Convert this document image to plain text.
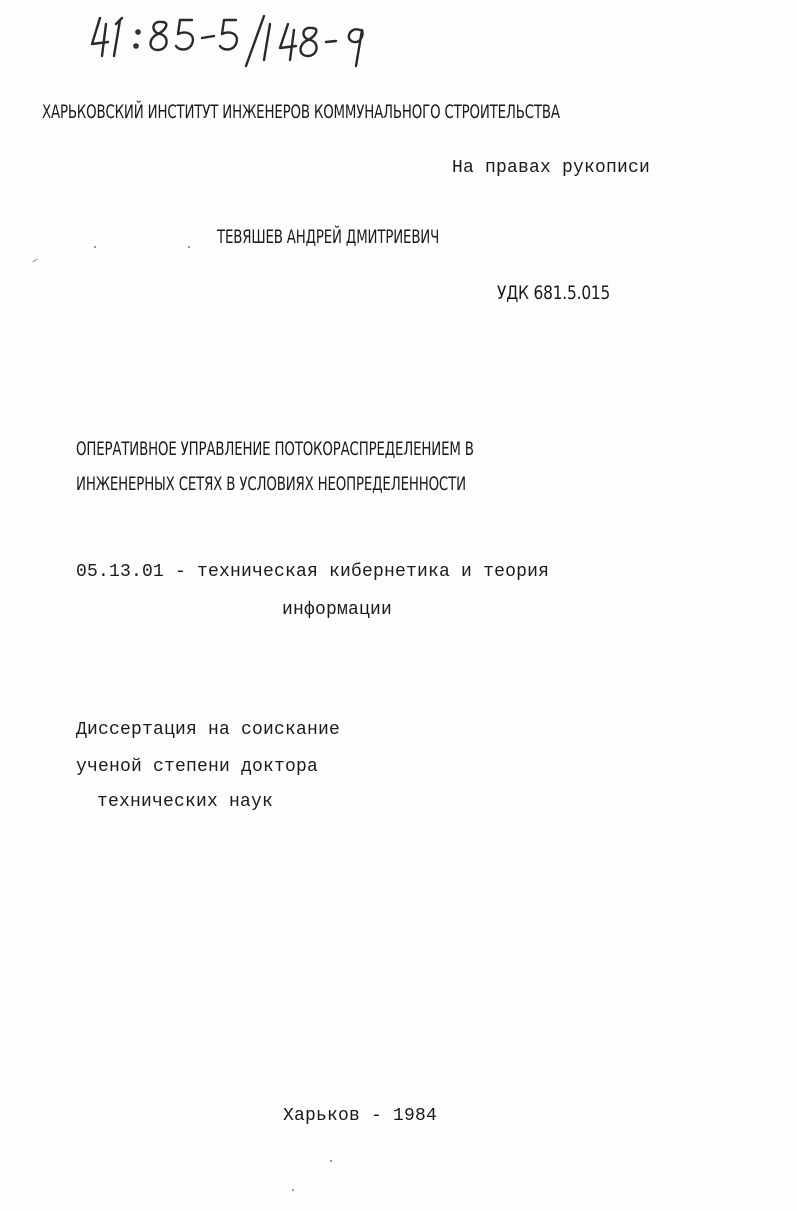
ХАРЬКОВСКИЙ ИНСТИТУТ ИНЖЕНЕРОВ КОММУНАЛЬНОГО СТРОИТЕЛЬСТВА
На правах рукописи
ТЕВЯШЕВ АНДРЕЙ ДМИТРИЕВИЧ
УДК 681.5.015
ОПЕРАТИВНОЕ УПРАВЛЕНИЕ ПОТОКОРАСПРЕДЕЛЕНИЕМ В
ИНЖЕНЕРНЫХ СЕТЯХ В УСЛОВИЯХ НЕОПРЕДЕЛЕННОСТИ
05.13.01 - техническая кибернетика и теория
информации
Диссертация на соискание
ученой степени доктора
технических наук
Харьков - 1984
